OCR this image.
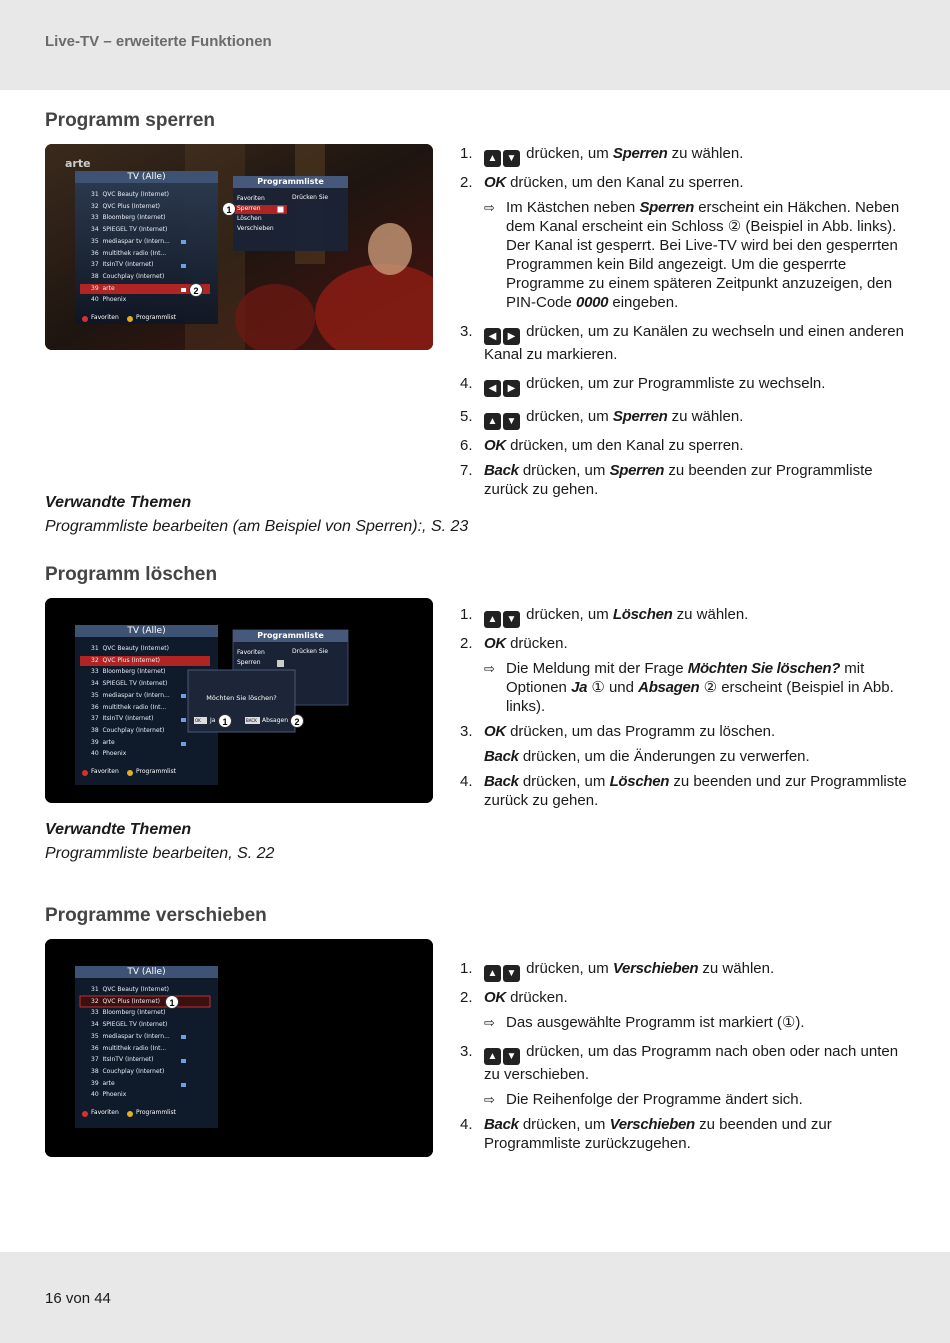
Live-TV – erweiterte Funktionen
16 von 44
Programm sperren
TV (Alle)
arte
31 QVC Beauty (Internet)
32 QVC Plus (Internet)
33 Bloomberg (Internet)
34 SPIEGEL TV (Internet)
35 mediaspar tv (Intern...
36 multithek radio (Int...
37 ItsInTV (Internet)
38 Couchplay (Internet)
39 arte
40 Phoenix
Favoriten	Programmlist
Programmliste
Drücken Sie
Favoriten
Sperren
Löschen
Verschieben
1
2
1. ▲ ▼ drücken, um Sperren zu wählen.
2. OK drücken, um den Kanal zu sperren.
⇨ Im Kästchen neben Sperren erscheint ein Häkchen. Neben dem Kanal erscheint ein Schloss ② (Beispiel in Abb. links). Der Kanal ist gesperrt. Bei Live-TV wird bei den gesperrten Programmen kein Bild angezeigt. Um die gesperrte Programme zu einem späteren Zeitpunkt anzuzeigen, den PIN-Code 0000 eingeben.
3. ◀ ▶ drücken, um zu Kanälen zu wechseln und einen anderen Kanal zu markieren.
4. ◀ ▶ drücken, um zur Programmliste zu wechseln.
5. ▲ ▼ drücken, um Sperren zu wählen.
6. OK drücken, um den Kanal zu sperren.
7. Back drücken, um Sperren zu beenden zur Programmliste zurück zu gehen.
Verwandte Themen
Programmliste bearbeiten (am Beispiel von Sperren):, S. 23
Programm löschen
TV (Alle)
31 QVC Beauty (Internet)
32 QVC Plus (Internet)
33 Bloomberg (Internet)
34 SPIEGEL TV (Internet)
35 mediaspar tv (Intern...
36 multithek radio (Int...
37 ItsInTV (Internet)
38 Couchplay (Internet)
39 arte
40 Phoenix
Favoriten	Programmlist
Programmliste
Drücken Sie
Favoriten
Sperren
Möchten Sie löschen?
OK Ja	BACK Absagen
1	2
1. ▲ ▼ drücken, um Löschen zu wählen.
2. OK drücken.
⇨ Die Meldung mit der Frage Möchten Sie löschen? mit Optionen Ja ① und Absagen ② erscheint (Beispiel in Abb. links).
3. OK drücken, um das Programm zu löschen.
Back drücken, um die Änderungen zu verwerfen.
4. Back drücken, um Löschen zu beenden und zur Programmliste zurück zu gehen.
Verwandte Themen
Programmliste bearbeiten, S. 22
Programme verschieben
TV (Alle)
31 QVC Beauty (Internet)
32 QVC Plus (Internet)
33 Bloomberg (Internet)
34 SPIEGEL TV (Internet)
35 mediaspar tv (Intern...
36 multithek radio (Int...
37 ItsInTV (Internet)
38 Couchplay (Internet)
39 arte
40 Phoenix
Favoriten	Programmlist
1
1. ▲ ▼ drücken, um Verschieben zu wählen.
2. OK drücken.
⇨ Das ausgewählte Programm ist markiert (①).
3. ▲ ▼ drücken, um das Programm nach oben oder nach unten zu verschieben.
⇨ Die Reihenfolge der Programme ändert sich.
4. Back drücken, um Verschieben zu beenden und zur Programmliste zurückzugehen.
